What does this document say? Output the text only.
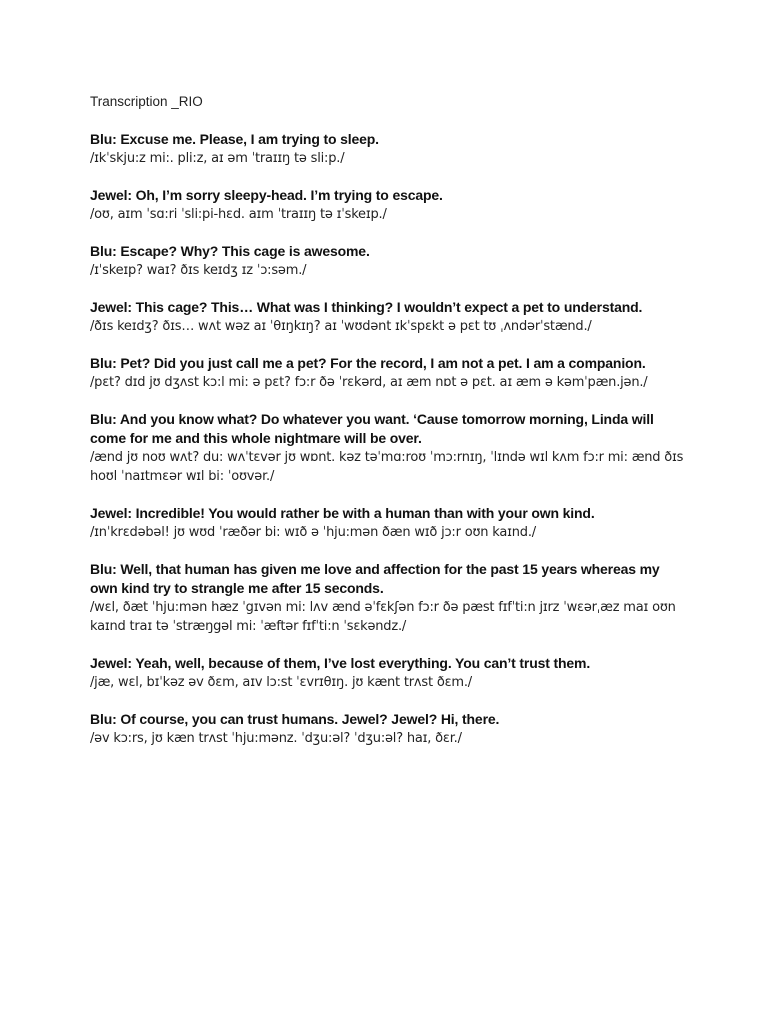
Transcription _RIO
Blu: Excuse me. Please, I am trying to sleep.
/ɪkˈskju:z mi:. pli:z, aɪ əm ˈtraɪɪŋ tə sli:p./
Jewel: Oh, I’m sorry sleepy-head. I’m trying to escape.
/oʊ, aɪm ˈsɑ:ri ˈsli:pi-hɛd. aɪm ˈtraɪɪŋ tə ɪˈskeɪp./
Blu: Escape? Why? This cage is awesome.
/ɪˈskeɪp? waɪ? ðɪs keɪdʒ ɪz ˈɔ:səm./
Jewel: This cage? This… What was I thinking? I wouldn’t expect a pet to understand.
/ðɪs keɪdʒ? ðɪs… wʌt wəz aɪ ˈθɪŋkɪŋ? aɪ ˈwʊdənt ɪkˈspɛkt ə pɛt tʊ ˌʌndərˈstænd./
Blu: Pet? Did you just call me a pet? For the record, I am not a pet. I am a companion.
/pɛt? dɪd jʊ dʒʌst kɔ:l mi: ə pɛt? fɔ:r ðə ˈrɛkərd, aɪ æm nɒt ə pɛt. aɪ æm ə kəmˈpæn.jən./
Blu: And you know what? Do whatever you want. ‘Cause tomorrow morning, Linda will come for me and this whole nightmare will be over.
/ænd jʊ noʊ wʌt? du: wʌˈtɛvər jʊ wɒnt. kəz təˈmɑ:roʊ ˈmɔ:rnɪŋ, ˈlɪndə wɪl kʌm fɔ:r mi: ænd ðɪs hoʊl ˈnaɪtmɛər wɪl bi: ˈoʊvər./
Jewel: Incredible! You would rather be with a human than with your own kind.
/ɪnˈkrɛdəbəl! jʊ wʊd ˈræðər bi: wɪð ə ˈhju:mən ðæn wɪð jɔ:r oʊn kaɪnd./
Blu: Well, that human has given me love and affection for the past 15 years whereas my own kind try to strangle me after 15 seconds.
/wɛl, ðæt ˈhju:mən hæz ˈgɪvən mi: lʌv ænd əˈfɛkʃən fɔ:r ðə pæst fɪfˈti:n jɪrz ˈwɛərˌæz maɪ oʊn kaɪnd traɪ tə ˈstræŋgəl mi: ˈæftər fɪfˈti:n ˈsɛkəndz./
Jewel: Yeah, well, because of them, I’ve lost everything. You can’t trust them.
/jæ, wɛl, bɪˈkəz əv ðɛm, aɪv lɔ:st ˈɛvrɪθɪŋ. jʊ kænt trʌst ðɛm./
Blu: Of course, you can trust humans. Jewel? Jewel? Hi, there.
/əv kɔ:rs, jʊ kæn trʌst ˈhju:mənz. ˈdʒu:əl? ˈdʒu:əl? haɪ, ðɛr./
